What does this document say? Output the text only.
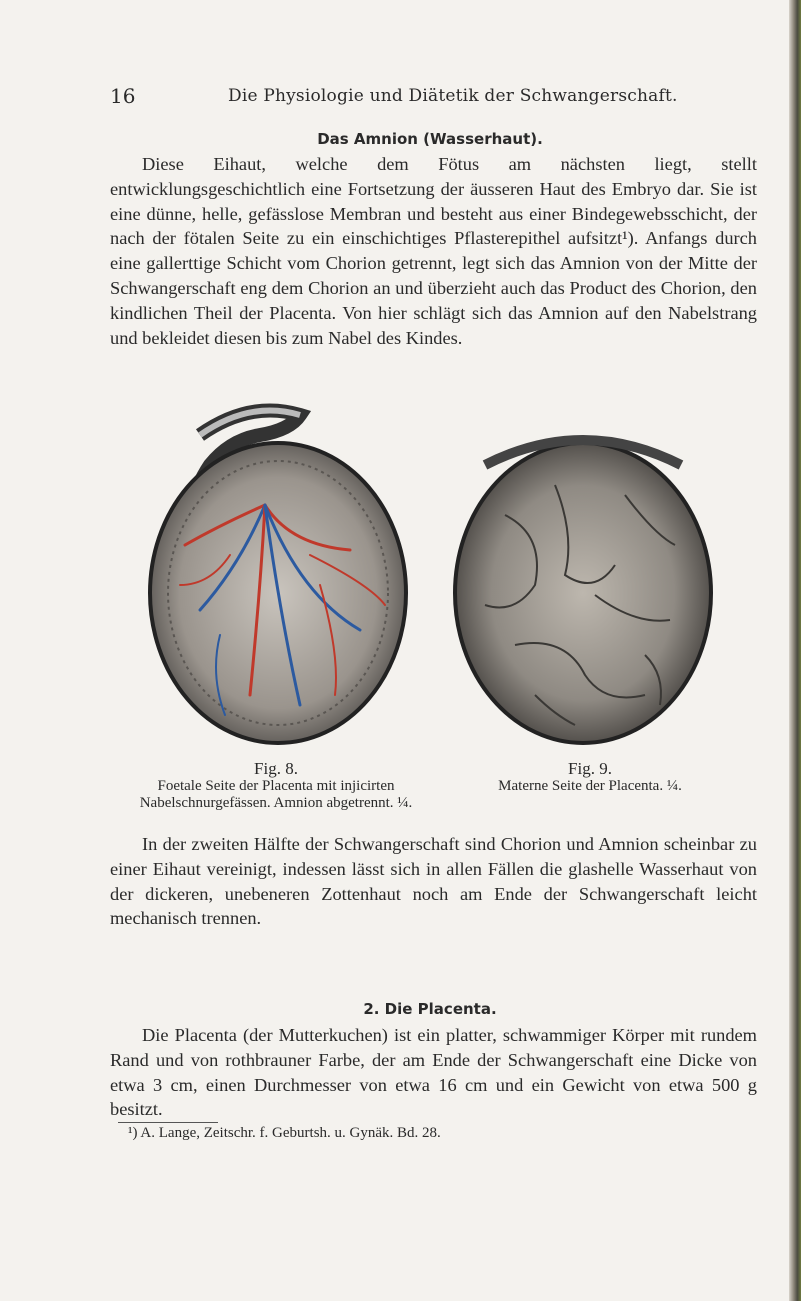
16	Die Physiologie und Diätetik der Schwangerschaft.
Das Amnion (Wasserhaut).

Diese Eihaut, welche dem Fötus am nächsten liegt, stellt entwicklungsgeschichtlich eine Fortsetzung der äusseren Haut des Embryo dar. Sie ist eine dünne, helle, gefässlose Membran und besteht aus einer Bindegewebsschicht, der nach der fötalen Seite zu ein einschichtiges Pflasterepithel aufsitzt¹). Anfangs durch eine gallerttige Schicht vom Chorion getrennt, legt sich das Amnion von der Mitte der Schwangerschaft eng dem Chorion an und überzieht auch das Product des Chorion, den kindlichen Theil der Placenta. Von hier schlägt sich das Amnion auf den Nabelstrang und bekleidet diesen bis zum Nabel des Kindes.

Fig. 8.
Foetale Seite der Placenta mit injicirten Nabelschnurgefässen. Amnion abgetrennt. ¼.
Fig. 9.
Materne Seite der Placenta. ¼.

In der zweiten Hälfte der Schwangerschaft sind Chorion und Amnion scheinbar zu einer Eihaut vereinigt, indessen lässt sich in allen Fällen die glashelle Wasserhaut von der dickeren, unebeneren Zottenhaut noch am Ende der Schwangerschaft leicht mechanisch trennen.

2. Die Placenta.

Die Placenta (der Mutterkuchen) ist ein platter, schwammiger Körper mit rundem Rand und von rothbrauner Farbe, der am Ende der Schwangerschaft eine Dicke von etwa 3 cm, einen Durchmesser von etwa 16 cm und ein Gewicht von etwa 500 g besitzt.

¹) A. Lange, Zeitschr. f. Geburtsh. u. Gynäk. Bd. 28.
